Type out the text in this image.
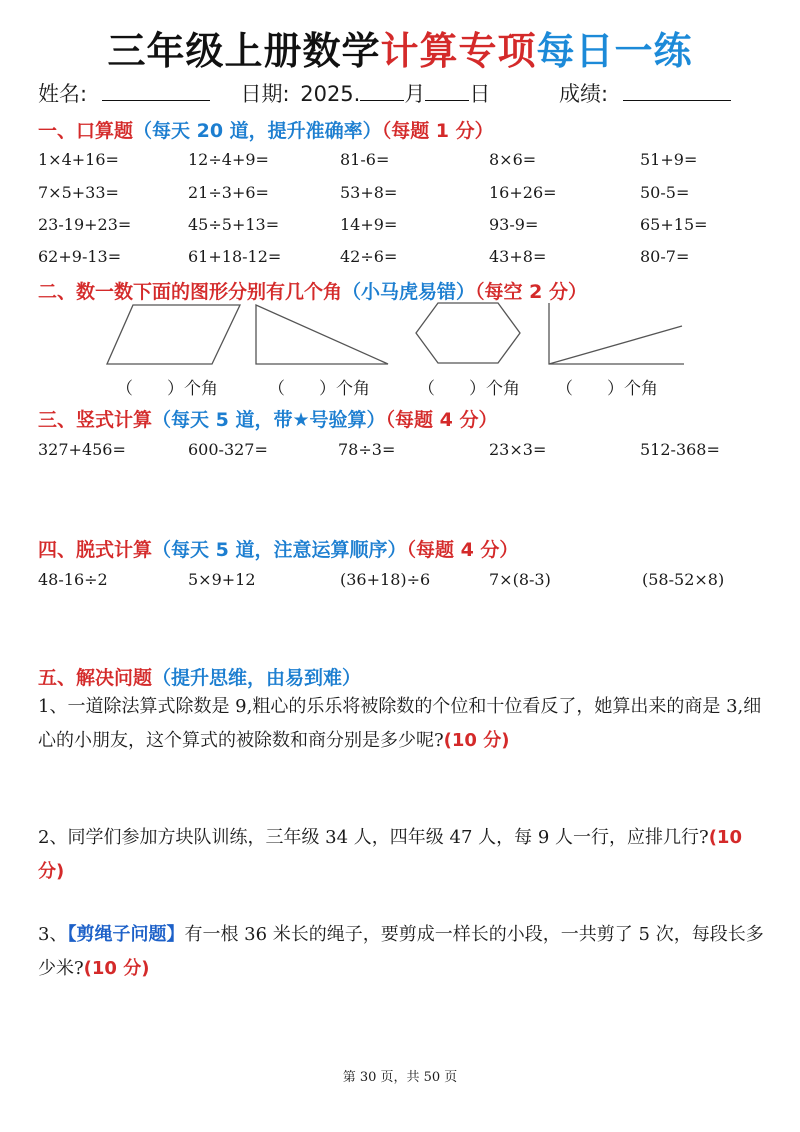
三年级上册数学计算专项每日一练
姓名:	日期: 2025. 月 日	成绩:
一、口算题（每天 20 道，提升准确率）（每题 1 分）
1×4+16=	12÷4+9=	81-6=	8×6=	51+9=
7×5+33=	21÷3+6=	53+8=	16+26=	50-5=
23-19+23=	45÷5+13=	14+9=	93-9=	65+15=
62+9-13=	61+18-12=	42÷6=	43+8=	80-7=
二、数一数下面的图形分别有几个角（小马虎易错）（每空 2 分）
（　　）个角	（　　）个角	（　　）个角 （　　）个角
三、竖式计算（每天 5 道，带★号验算）（每题 4 分）
327+456=	600-327=	78÷3=	23×3=	512-368=
四、脱式计算（每天 5 道，注意运算顺序）（每题 4 分）
48-16÷2	5×9+12	(36+18)÷6	7×(8-3)	(58-52×8)
五、解决问题（提升思维，由易到难）
1、一道除法算式除数是 9,粗心的乐乐将被除数的个位和十位看反了，她算出来的商是 3,细心的小朋友，这个算式的被除数和商分别是多少呢?(10 分)
2、同学们参加方块队训练，三年级 34 人，四年级 47 人，每 9 人一行，应排几行?(10 分)
3、【剪绳子问题】有一根 36 米长的绳子，要剪成一样长的小段，一共剪了 5 次，每段长多少米?(10 分)
第 30 页，共 50 页
